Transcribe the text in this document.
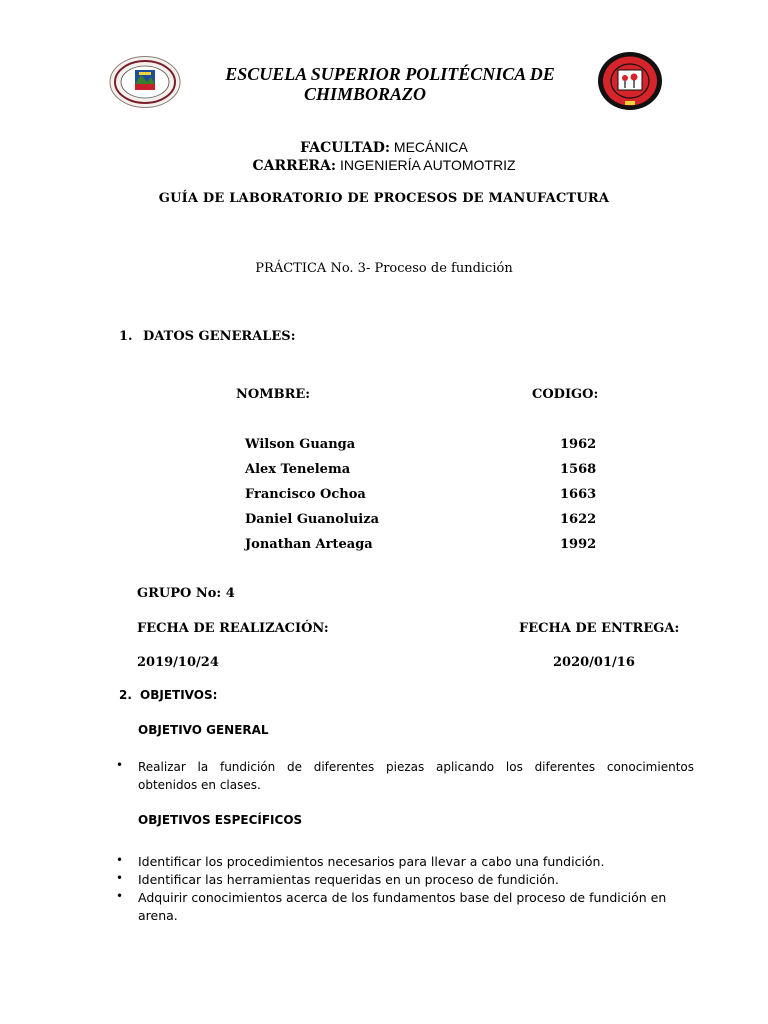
ESCUELA SUPERIOR POLITÉCNICA DE
CHIMBORAZO
FACULTAD: MECÁNICA
CARRERA: INGENIERÍA AUTOMOTRIZ
GUÍA DE LABORATORIO DE PROCESOS DE MANUFACTURA
PRÁCTICA No. 3- Proceso de fundición
1. DATOS GENERALES:
NOMBRE:	CODIGO:
Wilson Guanga	1962
Alex Tenelema	1568
Francisco Ochoa	1663
Daniel Guanoluiza	1622
Jonathan Arteaga	1992
GRUPO No: 4
FECHA DE REALIZACIÓN:	FECHA DE ENTREGA:
2019/10/24	2020/01/16
2. OBJETIVOS:
OBJETIVO GENERAL
• Realizar la fundición de diferentes piezas aplicando los diferentes conocimientos
obtenidos en clases.
OBJETIVOS ESPECÍFICOS
• Identificar los procedimientos necesarios para llevar a cabo una fundición.
• Identificar las herramientas requeridas en un proceso de fundición.
• Adquirir conocimientos acerca de los fundamentos base del proceso de fundición en
arena.
